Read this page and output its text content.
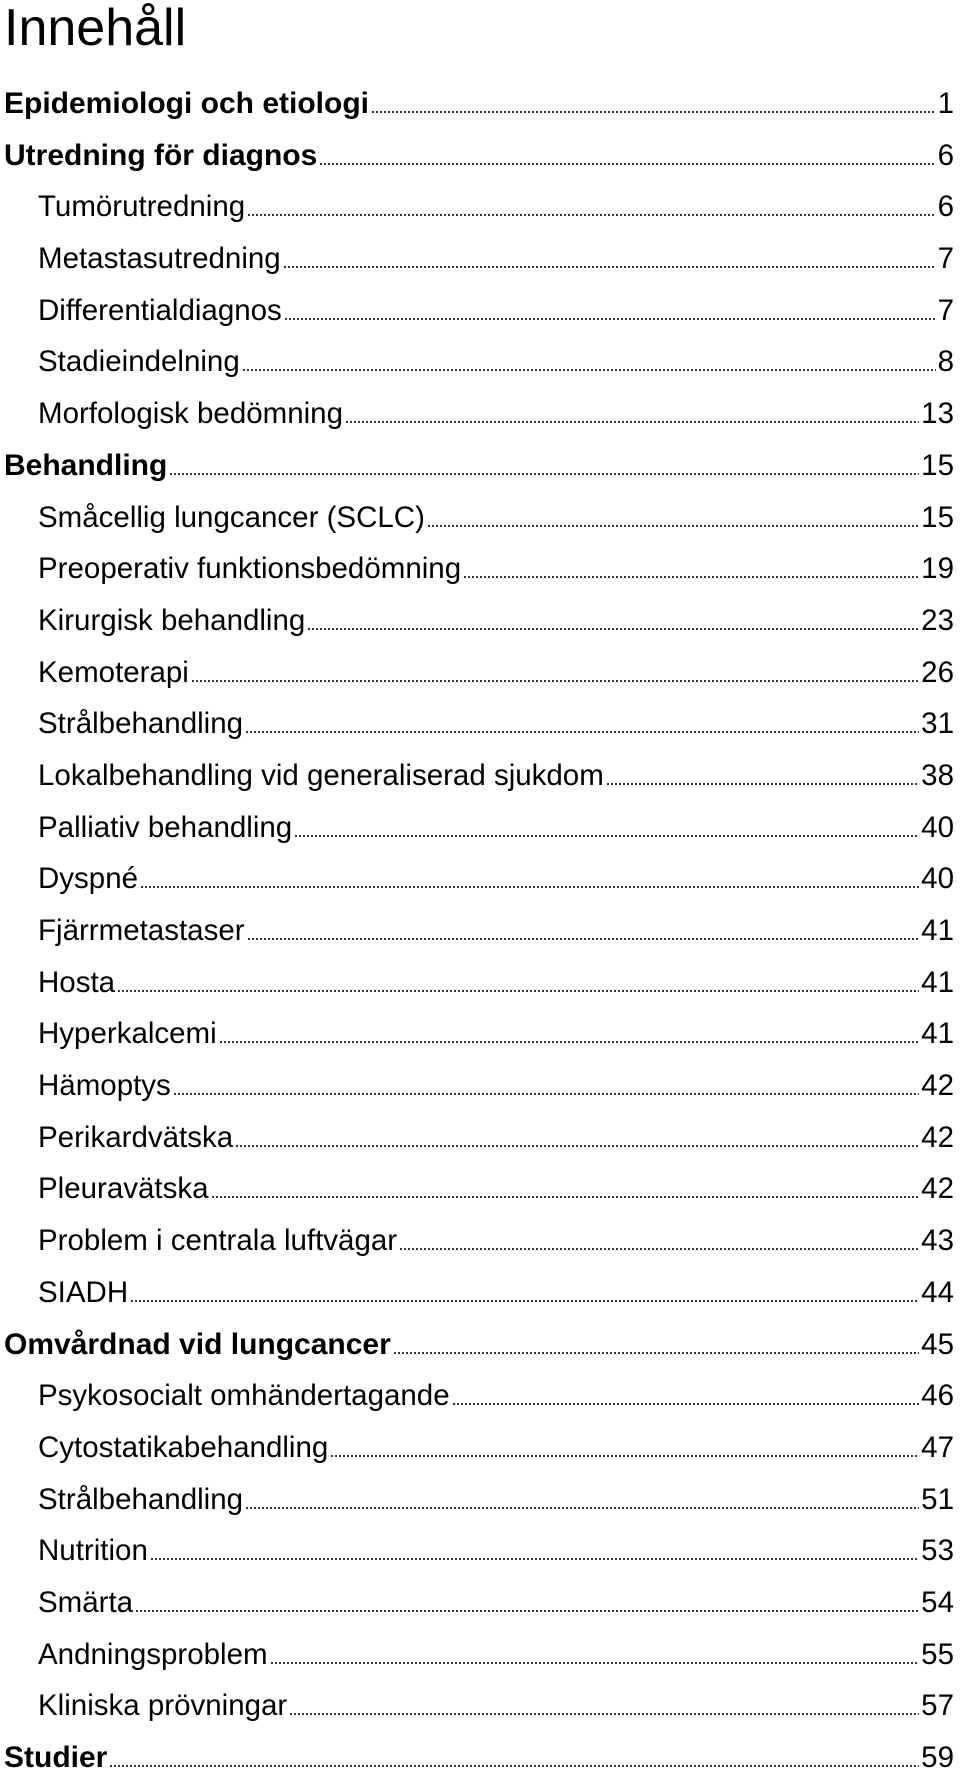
Innehåll
Epidemiologi och etiologi	1
Utredning för diagnos	6
Tumörutredning	6
Metastasutredning	7
Differentialdiagnos	7
Stadieindelning	8
Morfologisk bedömning	13
Behandling	15
Småcellig lungcancer (SCLC)	15
Preoperativ funktionsbedömning	19
Kirurgisk behandling	23
Kemoterapi	26
Strålbehandling	31
Lokalbehandling vid generaliserad sjukdom	38
Palliativ behandling	40
Dyspné	40
Fjärrmetastaser	41
Hosta	41
Hyperkalcemi	41
Hämoptys	42
Perikardvätska	42
Pleuravätska	42
Problem i centrala luftvägar	43
SIADH	44
Omvårdnad vid lungcancer	45
Psykosocialt omhändertagande	46
Cytostatikabehandling	47
Strålbehandling	51
Nutrition	53
Smärta	54
Andningsproblem	55
Kliniska prövningar	57
Studier	59
